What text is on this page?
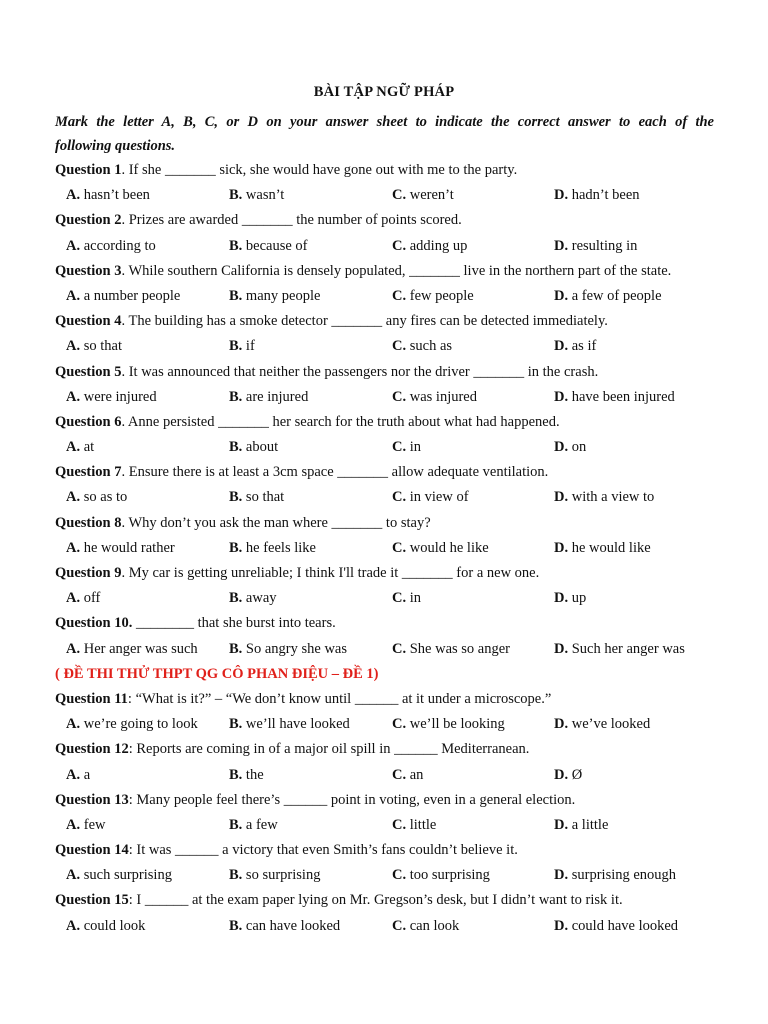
BÀI TẬP NGỮ PHÁP
Mark the letter A, B, C, or D on your answer sheet to indicate the correct answer to each of the
following questions.
Question 1. If she _______ sick, she would have gone out with me to the party.
A. hasn’t been	B. wasn’t	C. weren’t	D. hadn’t been
Question 2. Prizes are awarded _______ the number of points scored.
A. according to	B. because of	C. adding up	D. resulting in
Question 3. While southern California is densely populated, _______ live in the northern part of the state.
A. a number people	B. many people	C. few people	D. a few of people
Question 4. The building has a smoke detector _______ any fires can be detected immediately.
A. so that	B. if	C. such as	D. as if
Question 5. It was announced that neither the passengers nor the driver _______ in the crash.
A. were injured	B. are injured	C. was injured	D. have been injured
Question 6. Anne persisted _______ her search for the truth about what had happened.
A. at	B. about	C. in	D. on
Question 7. Ensure there is at least a 3cm space _______ allow adequate ventilation.
A. so as to	B. so that	C. in view of	D. with a view to
Question 8. Why don’t you ask the man where _______ to stay?
A. he would rather	B. he feels like	C. would he like	D. he would like
Question 9. My car is getting unreliable; I think I'll trade it _______ for a new one.
A. off	B. away	C. in	D. up
Question 10. ________ that she burst into tears.
A. Her anger was such B. So angry she was	C. She was so anger	D. Such her anger was
( ĐỀ THI THỬ THPT QG CÔ PHAN ĐIỆU – ĐỀ 1)
Question 11: “What is it?” – “We don’t know until ______ at it under a microscope.”
A. we’re going to look B. we’ll have looked	C. we’ll be looking	D. we’ve looked
Question 12: Reports are coming in of a major oil spill in ______ Mediterranean.
A. a	B. the	C. an	D. Ø
Question 13: Many people feel there’s ______ point in voting, even in a general election.
A. few	B. a few	C. little	D. a little
Question 14: It was ______ a victory that even Smith’s fans couldn’t believe it.
A. such surprising	B. so surprising	C. too surprising	D. surprising enough
Question 15: I ______ at the exam paper lying on Mr. Gregson’s desk, but I didn’t want to risk it.
A. could look	B. can have looked	C. can look	D. could have looked
